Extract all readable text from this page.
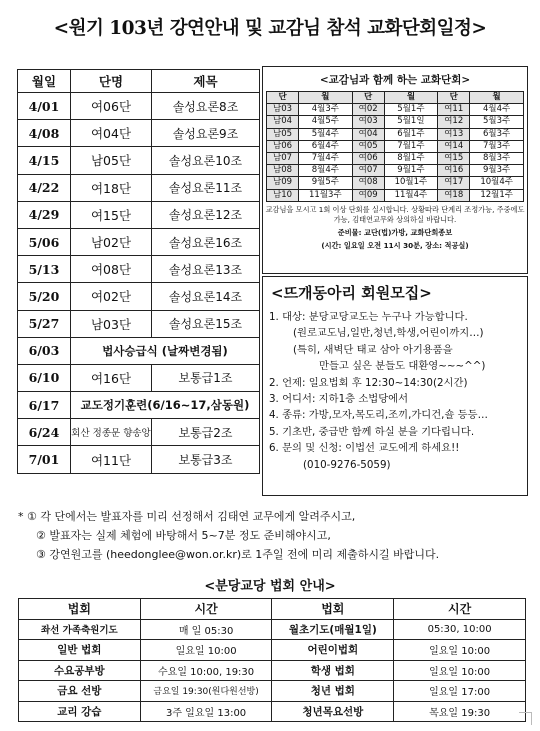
<원기 103년 강연안내 및 교감님 참석 교화단회일정>
월일	단명	제목
4/01	여06단	솔성요론8조
4/08	여04단	솔성요론9조
4/15	남05단	솔성요론10조
4/22	여18단	솔성요론11조
4/29	여15단	솔성요론12조
5/06	남02단	솔성요론16조
5/13	여08단	솔성요론13조
5/20	여02단	솔성요론14조
5/27	남03단	솔성요론15조
6/03	법사승급식 (날짜변경됨)	
6/10	여16단	보통급1조
6/17	교도정기훈련(6/16~17,삼동원)	
6/24	회산 정종문 향송앙	보통급2조
7/01	여11단	보통급3조
<교감님과 함께 하는 교화단회>
단	월	단	월	단	월
남03	4월3주	여02	5월1주	여11	4월4주
남04	4월5주	여03	5월1일	여12	5월3주
남05	5월4주	여04	6월1주	여13	6월3주
남06	6월4주	여05	7월1주	여14	7월3주
남07	7월4주	여06	8월1주	여15	8월3주
남08	8월4주	여07	9월1주	여16	9월3주
남09	9월5주	여08	10월1주	여17	10월4주
남10	11월3주	여09	11월4주	여18	12월1주
교감님을 모시고 1회 이상 단회를 실시합니다. 상황따라 단계리 조정가능, 주중에도 가능, 김태연교무와 상의하실 바랍니다.
준비물: 교단(법)가방, 교화단회종보
(시간: 일요일 오전 11시 30분, 장소: 적공실)
<뜨개동아리 회원모집>
1. 대상: 분당교당교도는 누구나 가능합니다.
(원로교도님,일반,청년,학생,어린이까지…)
(특히, 새벽단 태교 삼아 아기용품을
만들고 싶은 분들도 대환영~~~^^)
2. 언제: 일요법회 후 12:30~14:30(2시간)
3. 어디서: 지하1층 소법당에서
4. 종류: 가방,모자,목도리,조끼,가디건,숄 등등…
5. 기초반, 중급반 함께 하실 분을 기다립니다.
6. 문의 및 신청: 이법선 교도에게 하세요!!
(010-9276-5059)
* ① 각 단에서는 발표자를 미리 선정해서 김태연 교무에게 알려주시고,
② 발표자는 실제 체험에 바탕해서 5~7분 정도 준비해야시고,
③ 강연원고를 (heedonglee@won.or.kr)로 1주일 전에 미리 제출하시길 바랍니다.
<분당교당 법회 안내>
법회	시간	법회	시간
좌선 가족축원기도	매 일 05:30	월초기도(매월1일)	05:30, 10:00
일반 법회	일요일 10:00	어린이법회	일요일 10:00
수요공부방	수요일 10:00, 19:30	학생 법회	일요일 10:00
금요 선방	금요일 19:30(원다원선방)	청년 법회	일요일 17:00
교리 강습	3주 일요일 13:00	청년목요선방	목요일 19:30
